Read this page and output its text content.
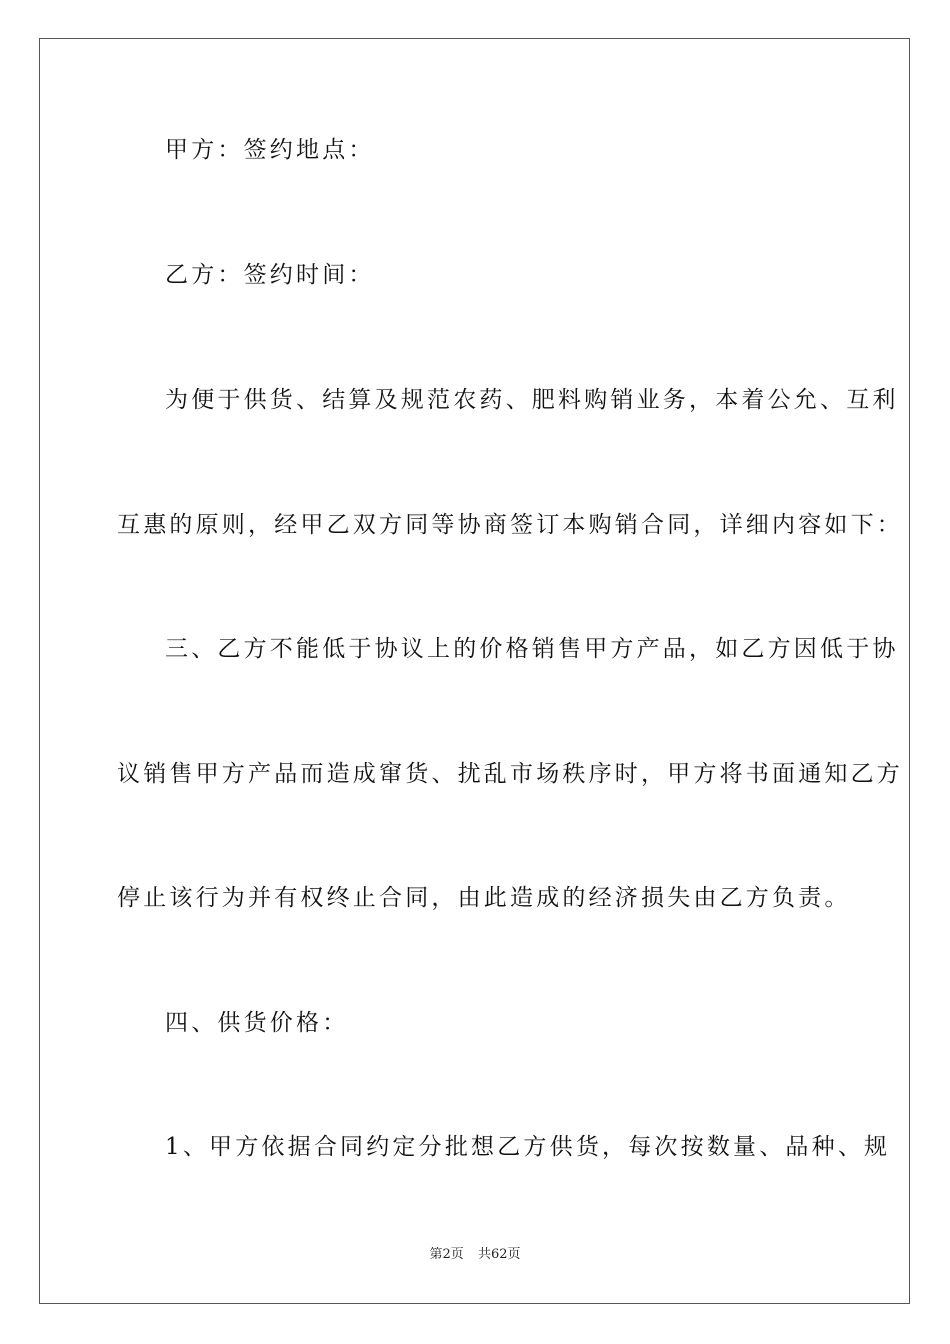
甲方：签约地点：
乙方：签约时间：
为便于供货、结算及规范农药、肥料购销业务，本着公允、互利
互惠的原则，经甲乙双方同等协商签订本购销合同，详细内容如下：
三、乙方不能低于协议上的价格销售甲方产品，如乙方因低于协
议销售甲方产品而造成窜货、扰乱市场秩序时，甲方将书面通知乙方
停止该行为并有权终止合同，由此造成的经济损失由乙方负责。
四、供货价格：
1、甲方依据合同约定分批想乙方供货，每次按数量、品种、规
第2页 共62页
